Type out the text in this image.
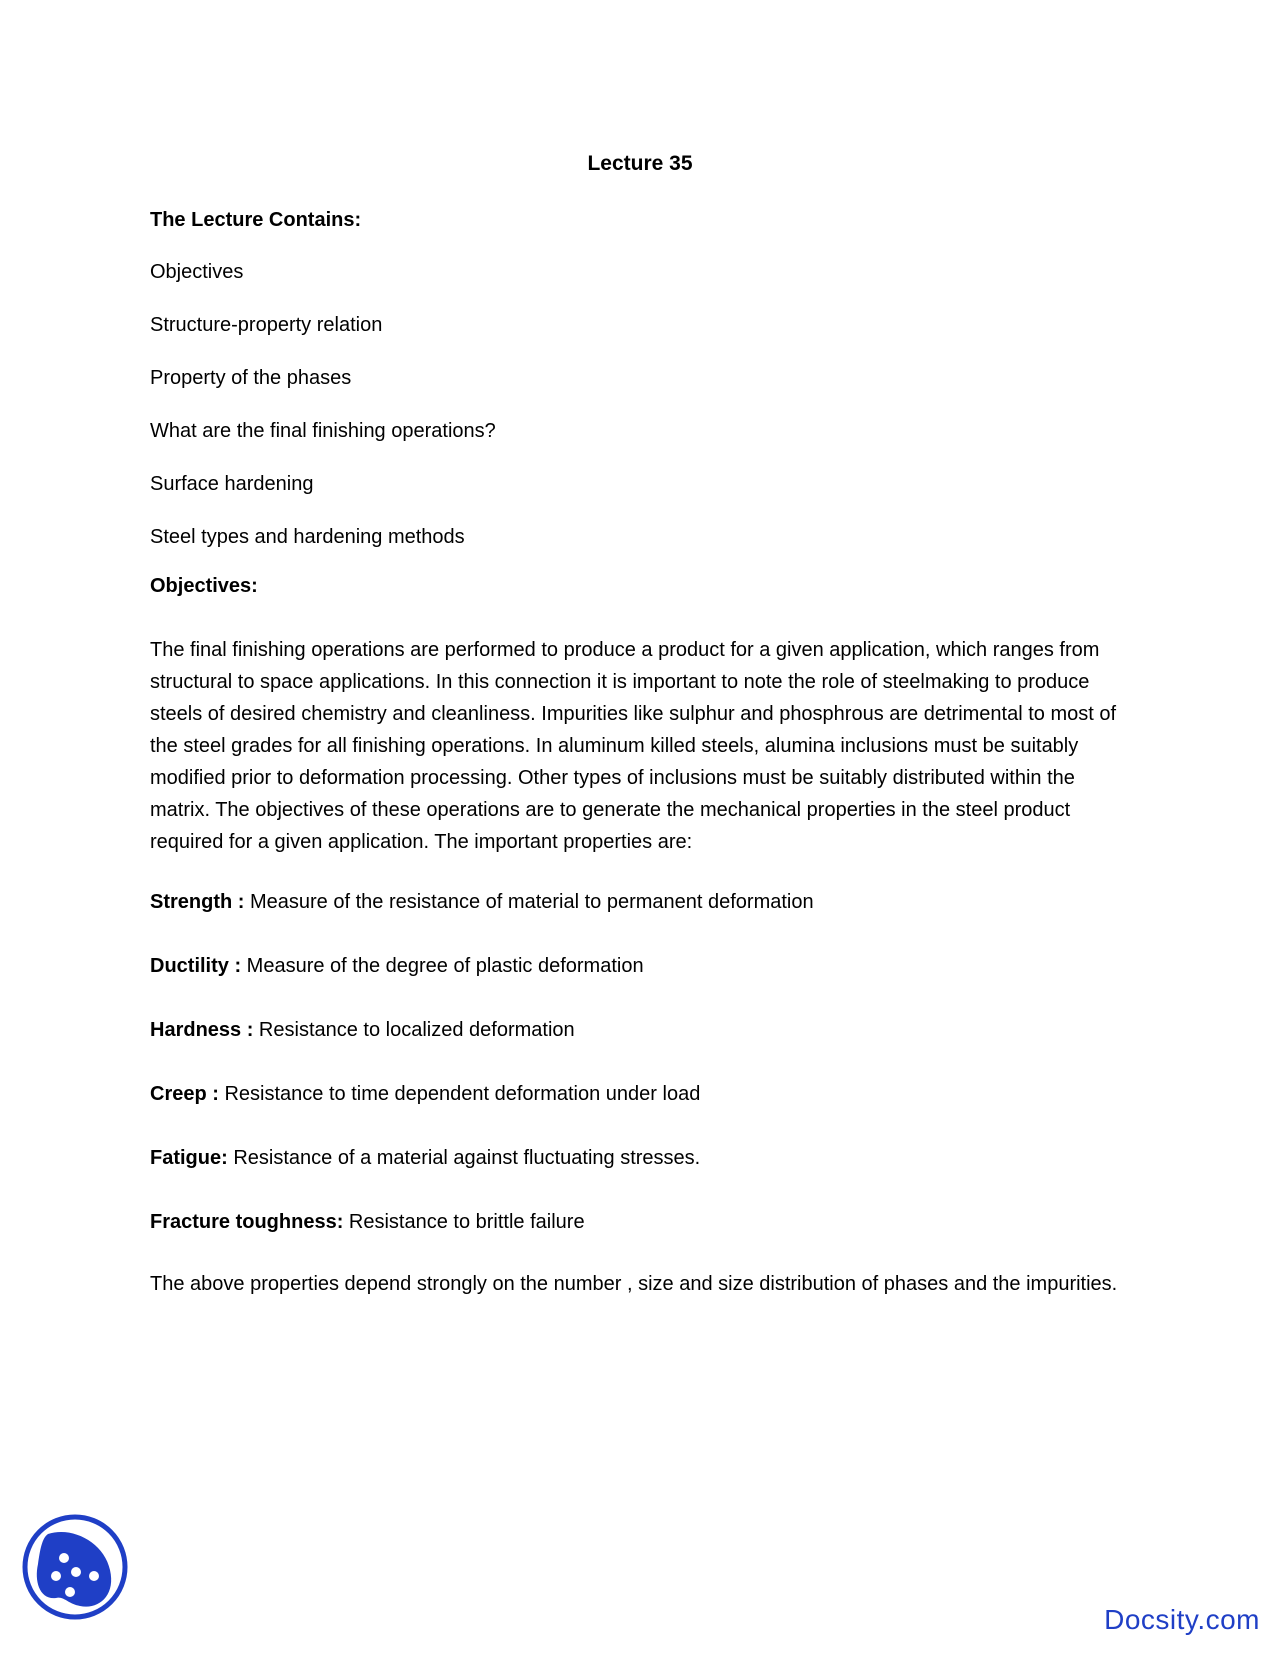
Lecture 35

The Lecture Contains:

Objectives
Structure-property relation
Property of the phases
What are the final finishing operations?
Surface hardening
Steel types and hardening methods

Objectives:

The final finishing operations are performed to produce a product for a given application, which ranges from structural to space applications. In this connection it is important to note the role of steelmaking to produce steels of desired chemistry and cleanliness. Impurities like sulphur and phosphrous are detrimental to most of the steel grades for all finishing operations. In aluminum killed steels, alumina inclusions must be suitably modified prior to deformation processing. Other types of inclusions must be suitably distributed within the matrix. The objectives of these operations are to generate the mechanical properties in the steel product required for a given application. The important properties are:

Strength : Measure of the resistance of material to permanent deformation
Ductility : Measure of the degree of plastic deformation
Hardness : Resistance to localized deformation
Creep : Resistance to time dependent deformation under load
Fatigue: Resistance of a material against fluctuating stresses.
Fracture toughness: Resistance to brittle failure

The above properties depend strongly on the number , size and size distribution of phases and the impurities.

Docsity.com
